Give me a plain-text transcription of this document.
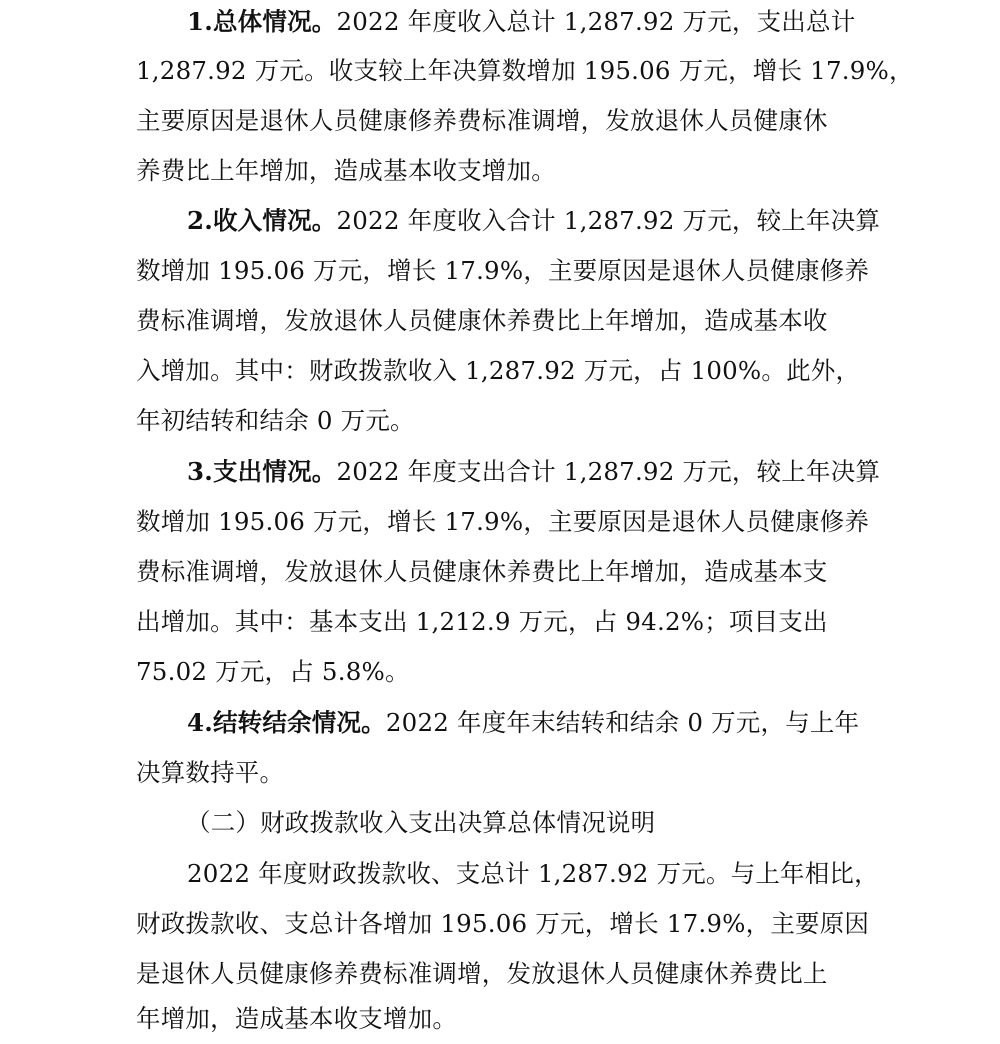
1.总体情况。2022 年度收入总计 1,287.92 万元，支出总计
1,287.92 万元。收支较上年决算数增加 195.06 万元，增长 17.9%，
主要原因是退休人员健康修养费标准调增，发放退休人员健康休
养费比上年增加，造成基本收支增加。
2.收入情况。2022 年度收入合计 1,287.92 万元，较上年决算
数增加 195.06 万元，增长 17.9%，主要原因是退休人员健康修养
费标准调增，发放退休人员健康休养费比上年增加，造成基本收
入增加。其中：财政拨款收入 1,287.92 万元，占 100%。此外，
年初结转和结余 0 万元。
3.支出情况。2022 年度支出合计 1,287.92 万元，较上年决算
数增加 195.06 万元，增长 17.9%，主要原因是退休人员健康修养
费标准调增，发放退休人员健康休养费比上年增加，造成基本支
出增加。其中：基本支出 1,212.9 万元，占 94.2%；项目支出
75.02 万元，占 5.8%。
4.结转结余情况。2022 年度年末结转和结余 0 万元，与上年
决算数持平。
（二）财政拨款收入支出决算总体情况说明
2022 年度财政拨款收、支总计 1,287.92 万元。与上年相比，
财政拨款收、支总计各增加 195.06 万元，增长 17.9%，主要原因
是退休人员健康修养费标准调增，发放退休人员健康休养费比上
年增加，造成基本收支增加。
